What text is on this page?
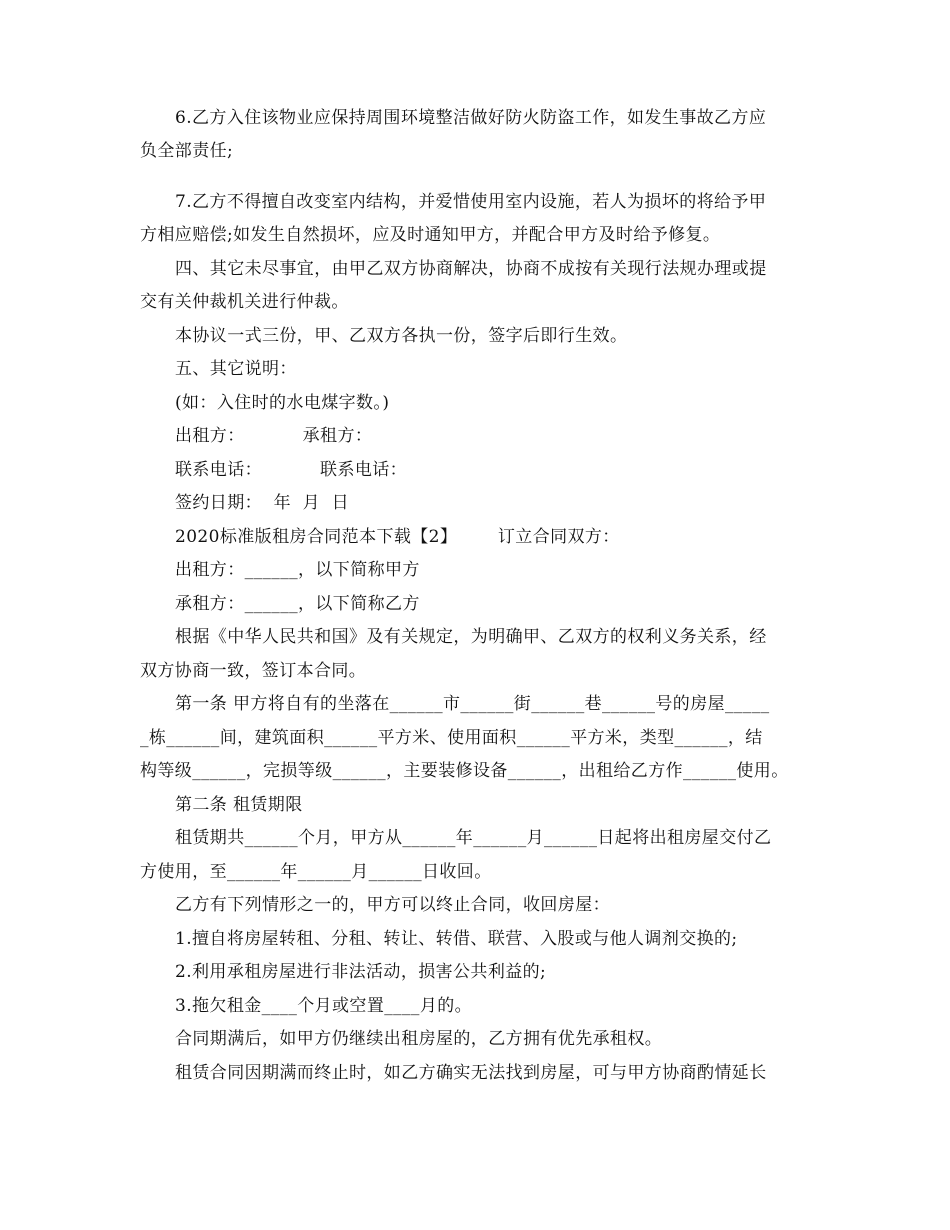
6.乙方入住该物业应保持周围环境整洁做好防火防盗工作，如发生事故乙方应
负全部责任;
7.乙方不得擅自改变室内结构，并爱惜使用室内设施，若人为损坏的将给予甲
方相应赔偿;如发生自然损坏，应及时通知甲方，并配合甲方及时给予修复。
四、其它未尽事宜，由甲乙双方协商解决，协商不成按有关现行法规办理或提
交有关仲裁机关进行仲裁。
本协议一式三份，甲、乙双方各执一份，签字后即行生效。
五、其它说明：
(如：入住时的水电煤字数。)
出租方：          承租方：
联系电话：          联系电话：
签约日期：  年  月  日
2020标准版租房合同范本下载【2】       订立合同双方：
出租方：______，以下简称甲方
承租方：______，以下简称乙方
根据《中华人民共和国》及有关规定，为明确甲、乙双方的权利义务关系，经
双方协商一致，签订本合同。
第一条 甲方将自有的坐落在______市______街______巷______号的房屋_____
_栋______间，建筑面积______平方米、使用面积______平方米，类型______，结
构等级______，完损等级______，主要装修设备______，出租给乙方作______使用。
第二条 租赁期限
租赁期共______个月，甲方从______年______月______日起将出租房屋交付乙
方使用，至______年______月______日收回。
乙方有下列情形之一的，甲方可以终止合同，收回房屋：
1.擅自将房屋转租、分租、转让、转借、联营、入股或与他人调剂交换的;
2.利用承租房屋进行非法活动，损害公共利益的;
3.拖欠租金____个月或空置____月的。
合同期满后，如甲方仍继续出租房屋的，乙方拥有优先承租权。
租赁合同因期满而终止时，如乙方确实无法找到房屋，可与甲方协商酌情延长
